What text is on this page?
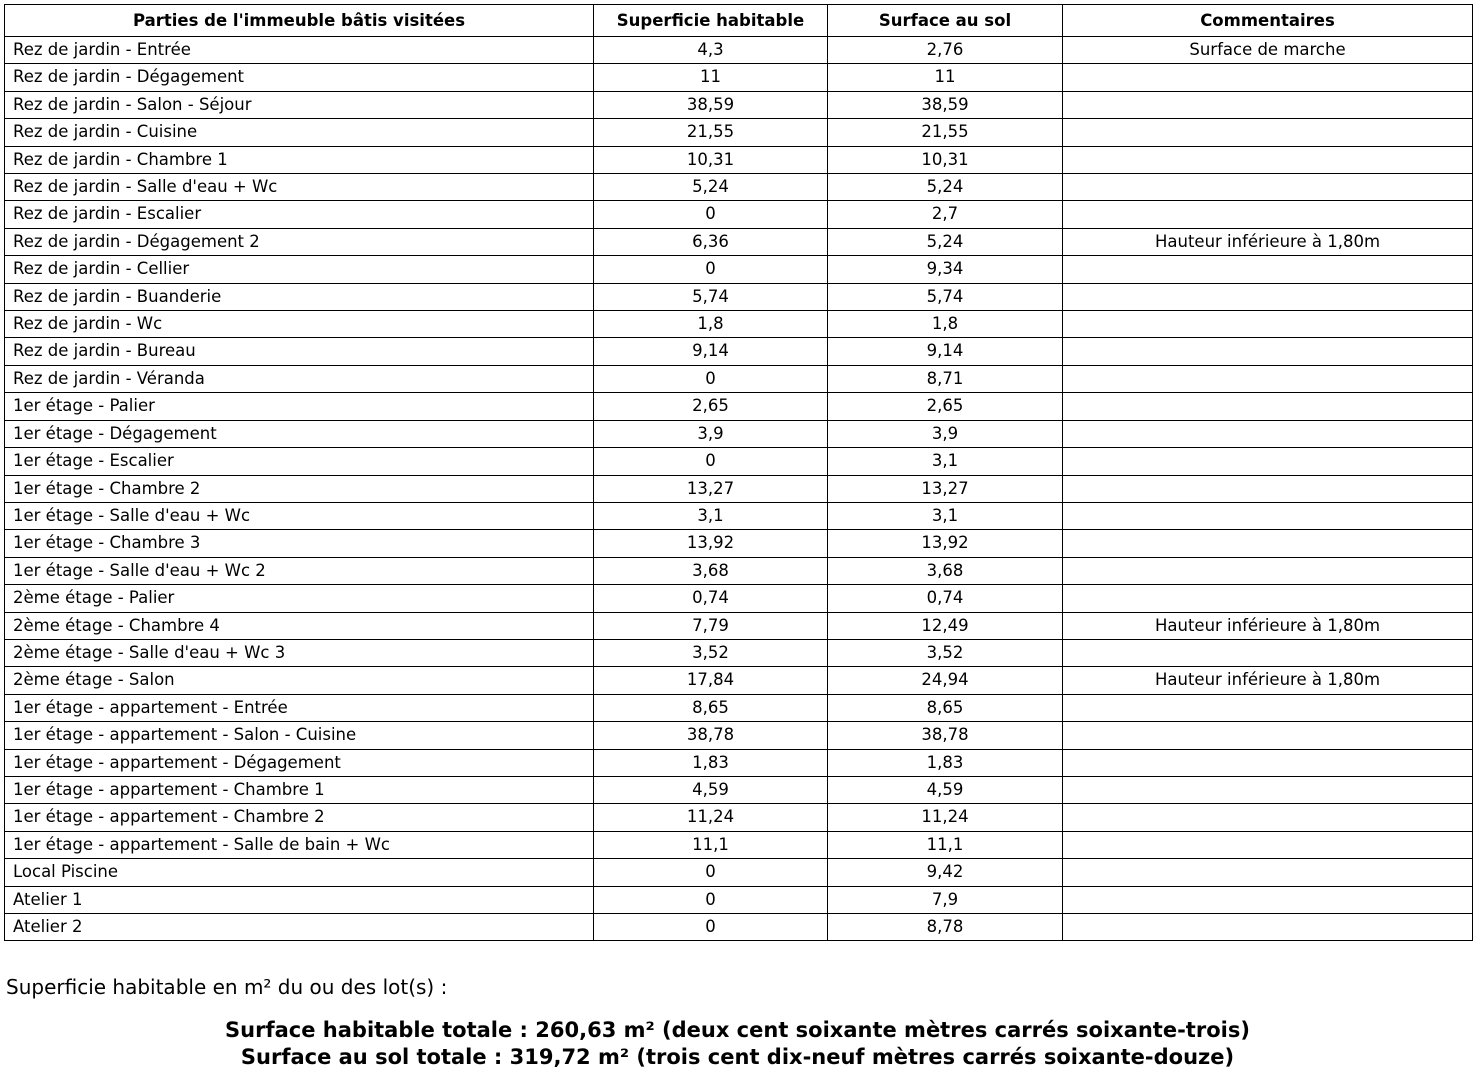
Parties de l'immeuble bâtis visitées	Superficie habitable	Surface au sol	Commentaires
Rez de jardin - Entrée	4,3	2,76	Surface de marche
Rez de jardin - Dégagement	11	11	
Rez de jardin - Salon - Séjour	38,59	38,59	
Rez de jardin - Cuisine	21,55	21,55	
Rez de jardin - Chambre 1	10,31	10,31	
Rez de jardin - Salle d'eau + Wc	5,24	5,24	
Rez de jardin - Escalier	0	2,7	
Rez de jardin - Dégagement 2	6,36	5,24	Hauteur inférieure à 1,80m
Rez de jardin - Cellier	0	9,34	
Rez de jardin - Buanderie	5,74	5,74	
Rez de jardin - Wc	1,8	1,8	
Rez de jardin - Bureau	9,14	9,14	
Rez de jardin - Véranda	0	8,71	
1er étage - Palier	2,65	2,65	
1er étage - Dégagement	3,9	3,9	
1er étage - Escalier	0	3,1	
1er étage - Chambre 2	13,27	13,27	
1er étage - Salle d'eau + Wc	3,1	3,1	
1er étage - Chambre 3	13,92	13,92	
1er étage - Salle d'eau + Wc 2	3,68	3,68	
2ème étage - Palier	0,74	0,74	
2ème étage - Chambre 4	7,79	12,49	Hauteur inférieure à 1,80m
2ème étage - Salle d'eau + Wc 3	3,52	3,52	
2ème étage - Salon	17,84	24,94	Hauteur inférieure à 1,80m
1er étage - appartement - Entrée	8,65	8,65	
1er étage - appartement - Salon - Cuisine	38,78	38,78	
1er étage - appartement - Dégagement	1,83	1,83	
1er étage - appartement - Chambre 1	4,59	4,59	
1er étage - appartement - Chambre 2	11,24	11,24	
1er étage - appartement - Salle de bain + Wc	11,1	11,1	
Local Piscine	0	9,42	
Atelier 1	0	7,9	
Atelier 2	0	8,78	
Superficie habitable en m² du ou des lot(s) :
Surface habitable totale : 260,63 m² (deux cent soixante mètres carrés soixante-trois)
Surface au sol totale : 319,72 m² (trois cent dix-neuf mètres carrés soixante-douze)
